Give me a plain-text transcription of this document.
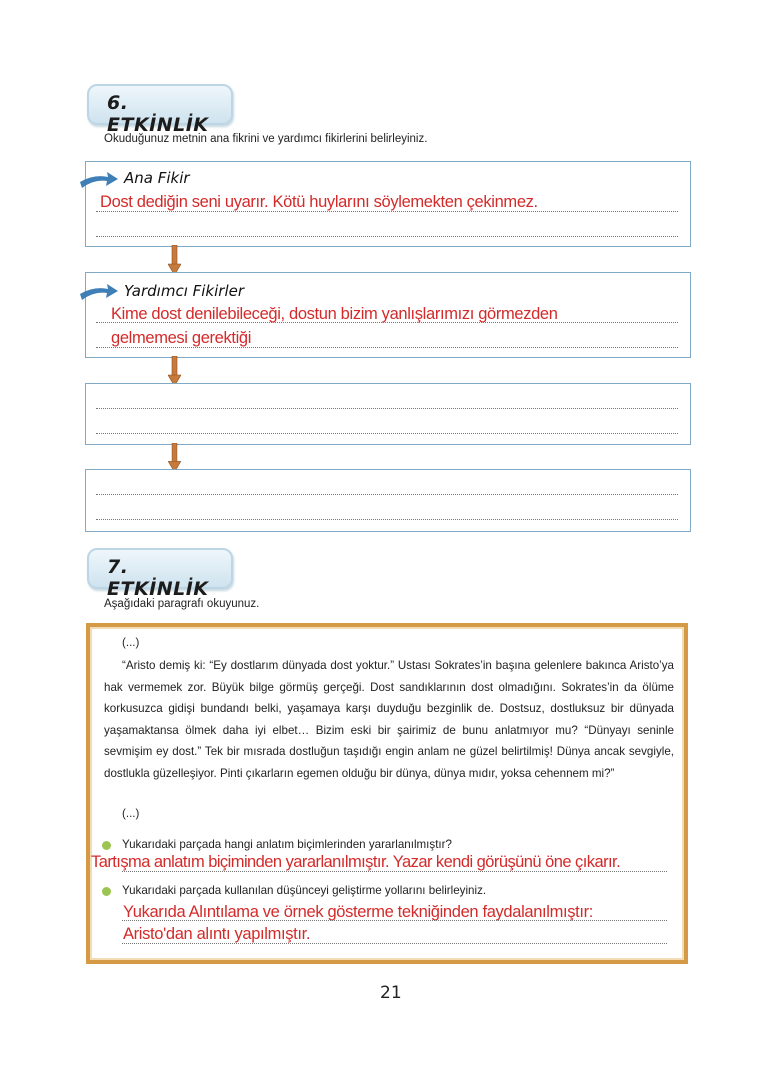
6. ETKİNLİK
Okuduğunuz metnin ana fikrini ve yardımcı fikirlerini belirleyiniz.
Ana Fikir
Dost dediğin seni uyarır. Kötü huylarını söylemekten çekinmez.
Yardımcı Fikirler
Kime dost denilebileceği, dostun bizim yanlışlarımızı görmezden
gelmemesi gerektiği
7. ETKİNLİK
Aşağıdaki paragrafı okuyunuz.
(...)

“Aristo demiş ki: “Ey dostlarım dünyada dost yoktur.” Ustası Sokrates’in başına gelenlere bakınca Aristo’ya hak vermemek zor. Büyük bilge görmüş gerçeği. Dost sandıklarının dost olmadığını. Sokrates’in da ölüme korkusuzca gidişi bundandı belki, yaşamaya karşı duyduğu bezginlik de. Dostsuz, dostluksuz bir dünyada yaşamaktansa ölmek daha iyi elbet… Bizim eski bir şairimiz de bunu anlatmıyor mu? “Dünyayı seninle sevmişim ey dost.” Tek bir mısrada dostluğun taşıdığı engin anlam ne güzel belirtilmiş! Dünya ancak sevgiyle, dostlukla güzelleşiyor. Pinti çıkarların egemen olduğu bir dünya, dünya mıdır, yoksa cehennem mi?”

(...)
Yukarıdaki parçada hangi anlatım biçimlerinden yararlanılmıştır?
Tartışma anlatım biçiminden yararlanılmıştır. Yazar kendi görüşünü öne çıkarır.
Yukarıdaki parçada kullanılan düşünceyi geliştirme yollarını belirleyiniz.
Yukarıda Alıntılama ve örnek gösterme tekniğinden faydalanılmıştır:
Aristo'dan alıntı yapılmıştır.
21
